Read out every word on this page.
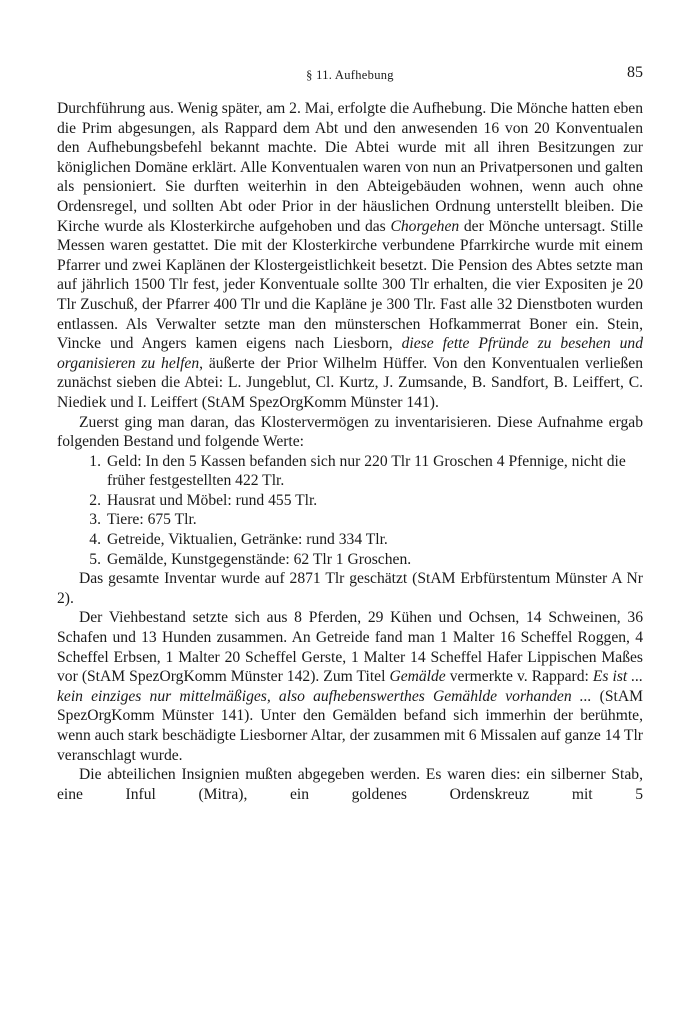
§ 11. Aufhebung	85

Durchführung aus. Wenig später, am 2. Mai, erfolgte die Aufhebung. Die Mönche hatten eben die Prim abgesungen, als Rappard dem Abt und den anwesenden 16 von 20 Konventualen den Aufhebungsbefehl bekannt machte. Die Abtei wurde mit all ihren Besitzungen zur königlichen Domäne erklärt. Alle Konventualen waren von nun an Privatpersonen und galten als pensioniert. Sie durften weiterhin in den Abteigebäuden wohnen, wenn auch ohne Ordensregel, und sollten Abt oder Prior in der häuslichen Ordnung unterstellt bleiben. Die Kirche wurde als Klosterkirche aufgehoben und das Chorgehen der Mönche untersagt. Stille Messen waren gestattet. Die mit der Klosterkirche verbundene Pfarrkirche wurde mit einem Pfarrer und zwei Kaplänen der Klostergeistlichkeit besetzt. Die Pension des Abtes setzte man auf jährlich 1500 Tlr fest, jeder Konventuale sollte 300 Tlr erhalten, die vier Expositen je 20 Tlr Zuschuß, der Pfarrer 400 Tlr und die Kapläne je 300 Tlr. Fast alle 32 Dienstboten wurden entlassen. Als Verwalter setzte man den münsterschen Hofkammerrat Boner ein. Stein, Vincke und Angers kamen eigens nach Liesborn, diese fette Pfründe zu besehen und organisieren zu helfen, äußerte der Prior Wilhelm Hüffer. Von den Konventualen verließen zunächst sieben die Abtei: L. Jungeblut, Cl. Kurtz, J. Zumsande, B. Sandfort, B. Leiffert, C. Niediek und I. Leiffert (StAM SpezOrgKomm Münster 141).

Zuerst ging man daran, das Klostervermögen zu inventarisieren. Diese Aufnahme ergab folgenden Bestand und folgende Werte:

1. Geld: In den 5 Kassen befanden sich nur 220 Tlr 11 Groschen 4 Pfennige, nicht die früher festgestellten 422 Tlr.
2. Hausrat und Möbel: rund 455 Tlr.
3. Tiere: 675 Tlr.
4. Getreide, Viktualien, Getränke: rund 334 Tlr.
5. Gemälde, Kunstgegenstände: 62 Tlr 1 Groschen.

Das gesamte Inventar wurde auf 2871 Tlr geschätzt (StAM Erbfürstentum Münster A Nr 2).

Der Viehbestand setzte sich aus 8 Pferden, 29 Kühen und Ochsen, 14 Schweinen, 36 Schafen und 13 Hunden zusammen. An Getreide fand man 1 Malter 16 Scheffel Roggen, 4 Scheffel Erbsen, 1 Malter 20 Scheffel Gerste, 1 Malter 14 Scheffel Hafer Lippischen Maßes vor (StAM SpezOrgKomm Münster 142). Zum Titel Gemälde vermerkte v. Rappard: Es ist ... kein einziges nur mittelmäßiges, also aufhebenswerthes Gemählde vorhanden ... (StAM SpezOrgKomm Münster 141). Unter den Gemälden befand sich immerhin der berühmte, wenn auch stark beschädigte Liesborner Altar, der zusammen mit 6 Missalen auf ganze 14 Tlr veranschlagt wurde.

Die abteilichen Insignien mußten abgegeben werden. Es waren dies: ein silberner Stab, eine Inful (Mitra), ein goldenes Ordenskreuz mit 5
